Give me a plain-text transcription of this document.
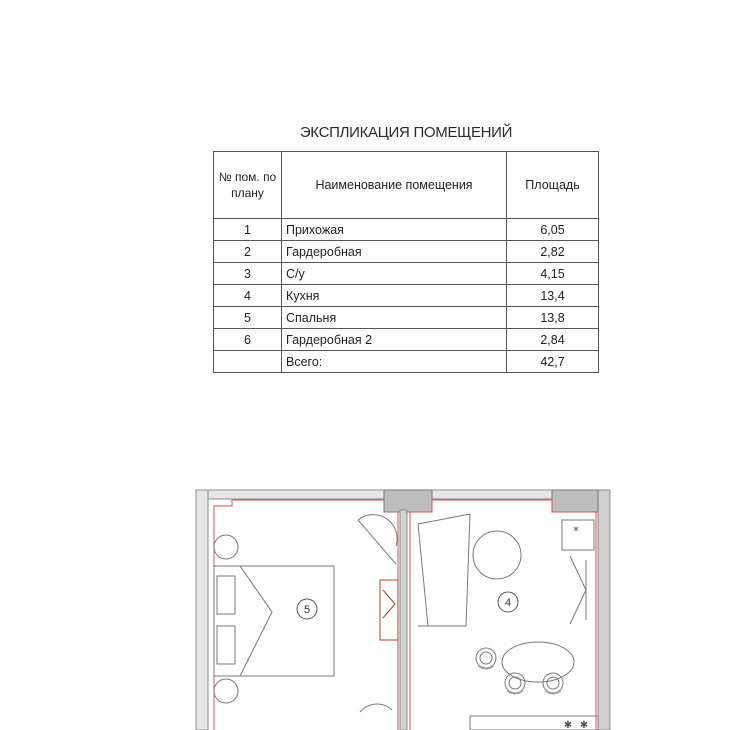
ЭКСПЛИКАЦИЯ ПОМЕЩЕНИЙ
№ пом. по плану	Наименование помещения	Площадь
1	Прихожая	6,05
2	Гардеробная	2,82
3	С/у	4,15
4	Кухня	13,4
5	Спальня	13,8
6	Гардеробная 2	2,84
	Всего:	42,7
5
*
✱ ✱
4
